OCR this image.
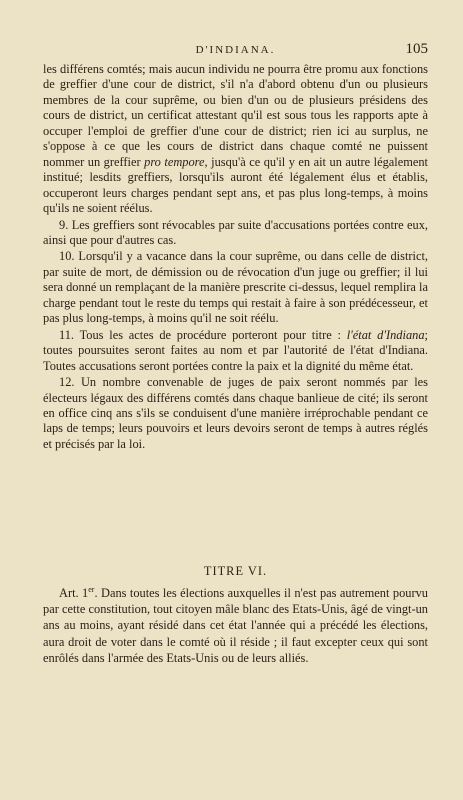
D'INDIANA.	105

les différens comtés; mais aucun individu ne pourra être promu aux fonctions de greffier d'une cour de district, s'il n'a d'abord obtenu d'un ou plusieurs membres de la cour suprême, ou bien d'un ou de plusieurs présidens des cours de district, un certificat attestant qu'il est sous tous les rapports apte à occuper l'emploi de greffier d'une cour de district; rien ici au surplus, ne s'oppose à ce que les cours de district dans chaque comté ne puissent nommer un greffier pro tempore, jusqu'à ce qu'il y en ait un autre légalement institué; lesdits greffiers, lorsqu'ils auront été légalement élus et établis, occuperont leurs charges pendant sept ans, et pas plus long-temps, à moins qu'ils ne soient réélus.

9. Les greffiers sont révocables par suite d'accusations portées contre eux, ainsi que pour d'autres cas.

10. Lorsqu'il y a vacance dans la cour suprême, ou dans celle de district, par suite de mort, de démission ou de révocation d'un juge ou greffier; il lui sera donné un remplaçant de la manière prescrite ci-dessus, lequel remplira la charge pendant tout le reste du temps qui restait à faire à son prédécesseur, et pas plus long-temps, à moins qu'il ne soit réélu.

11. Tous les actes de procédure porteront pour titre : l'état d'Indiana; toutes poursuites seront faites au nom et par l'autorité de l'état d'Indiana. Toutes accusations seront portées contre la paix et la dignité du même état.

12. Un nombre convenable de juges de paix seront nommés par les électeurs légaux des différens comtés dans chaque banlieue de cité; ils seront en office cinq ans s'ils se conduisent d'une manière irréprochable pendant ce laps de temps; leurs pouvoirs et leurs devoirs seront de temps à autres réglés et précisés par la loi.

TITRE VI.

Art. 1er. Dans toutes les élections auxquelles il n'est pas autrement pourvu par cette constitution, tout citoyen mâle blanc des Etats-Unis, âgé de vingt-un ans au moins, ayant résidé dans cet état l'année qui a précédé les élections, aura droit de voter dans le comté où il réside ; il faut excepter ceux qui sont enrôlés dans l'armée des Etats-Unis ou de leurs alliés.
